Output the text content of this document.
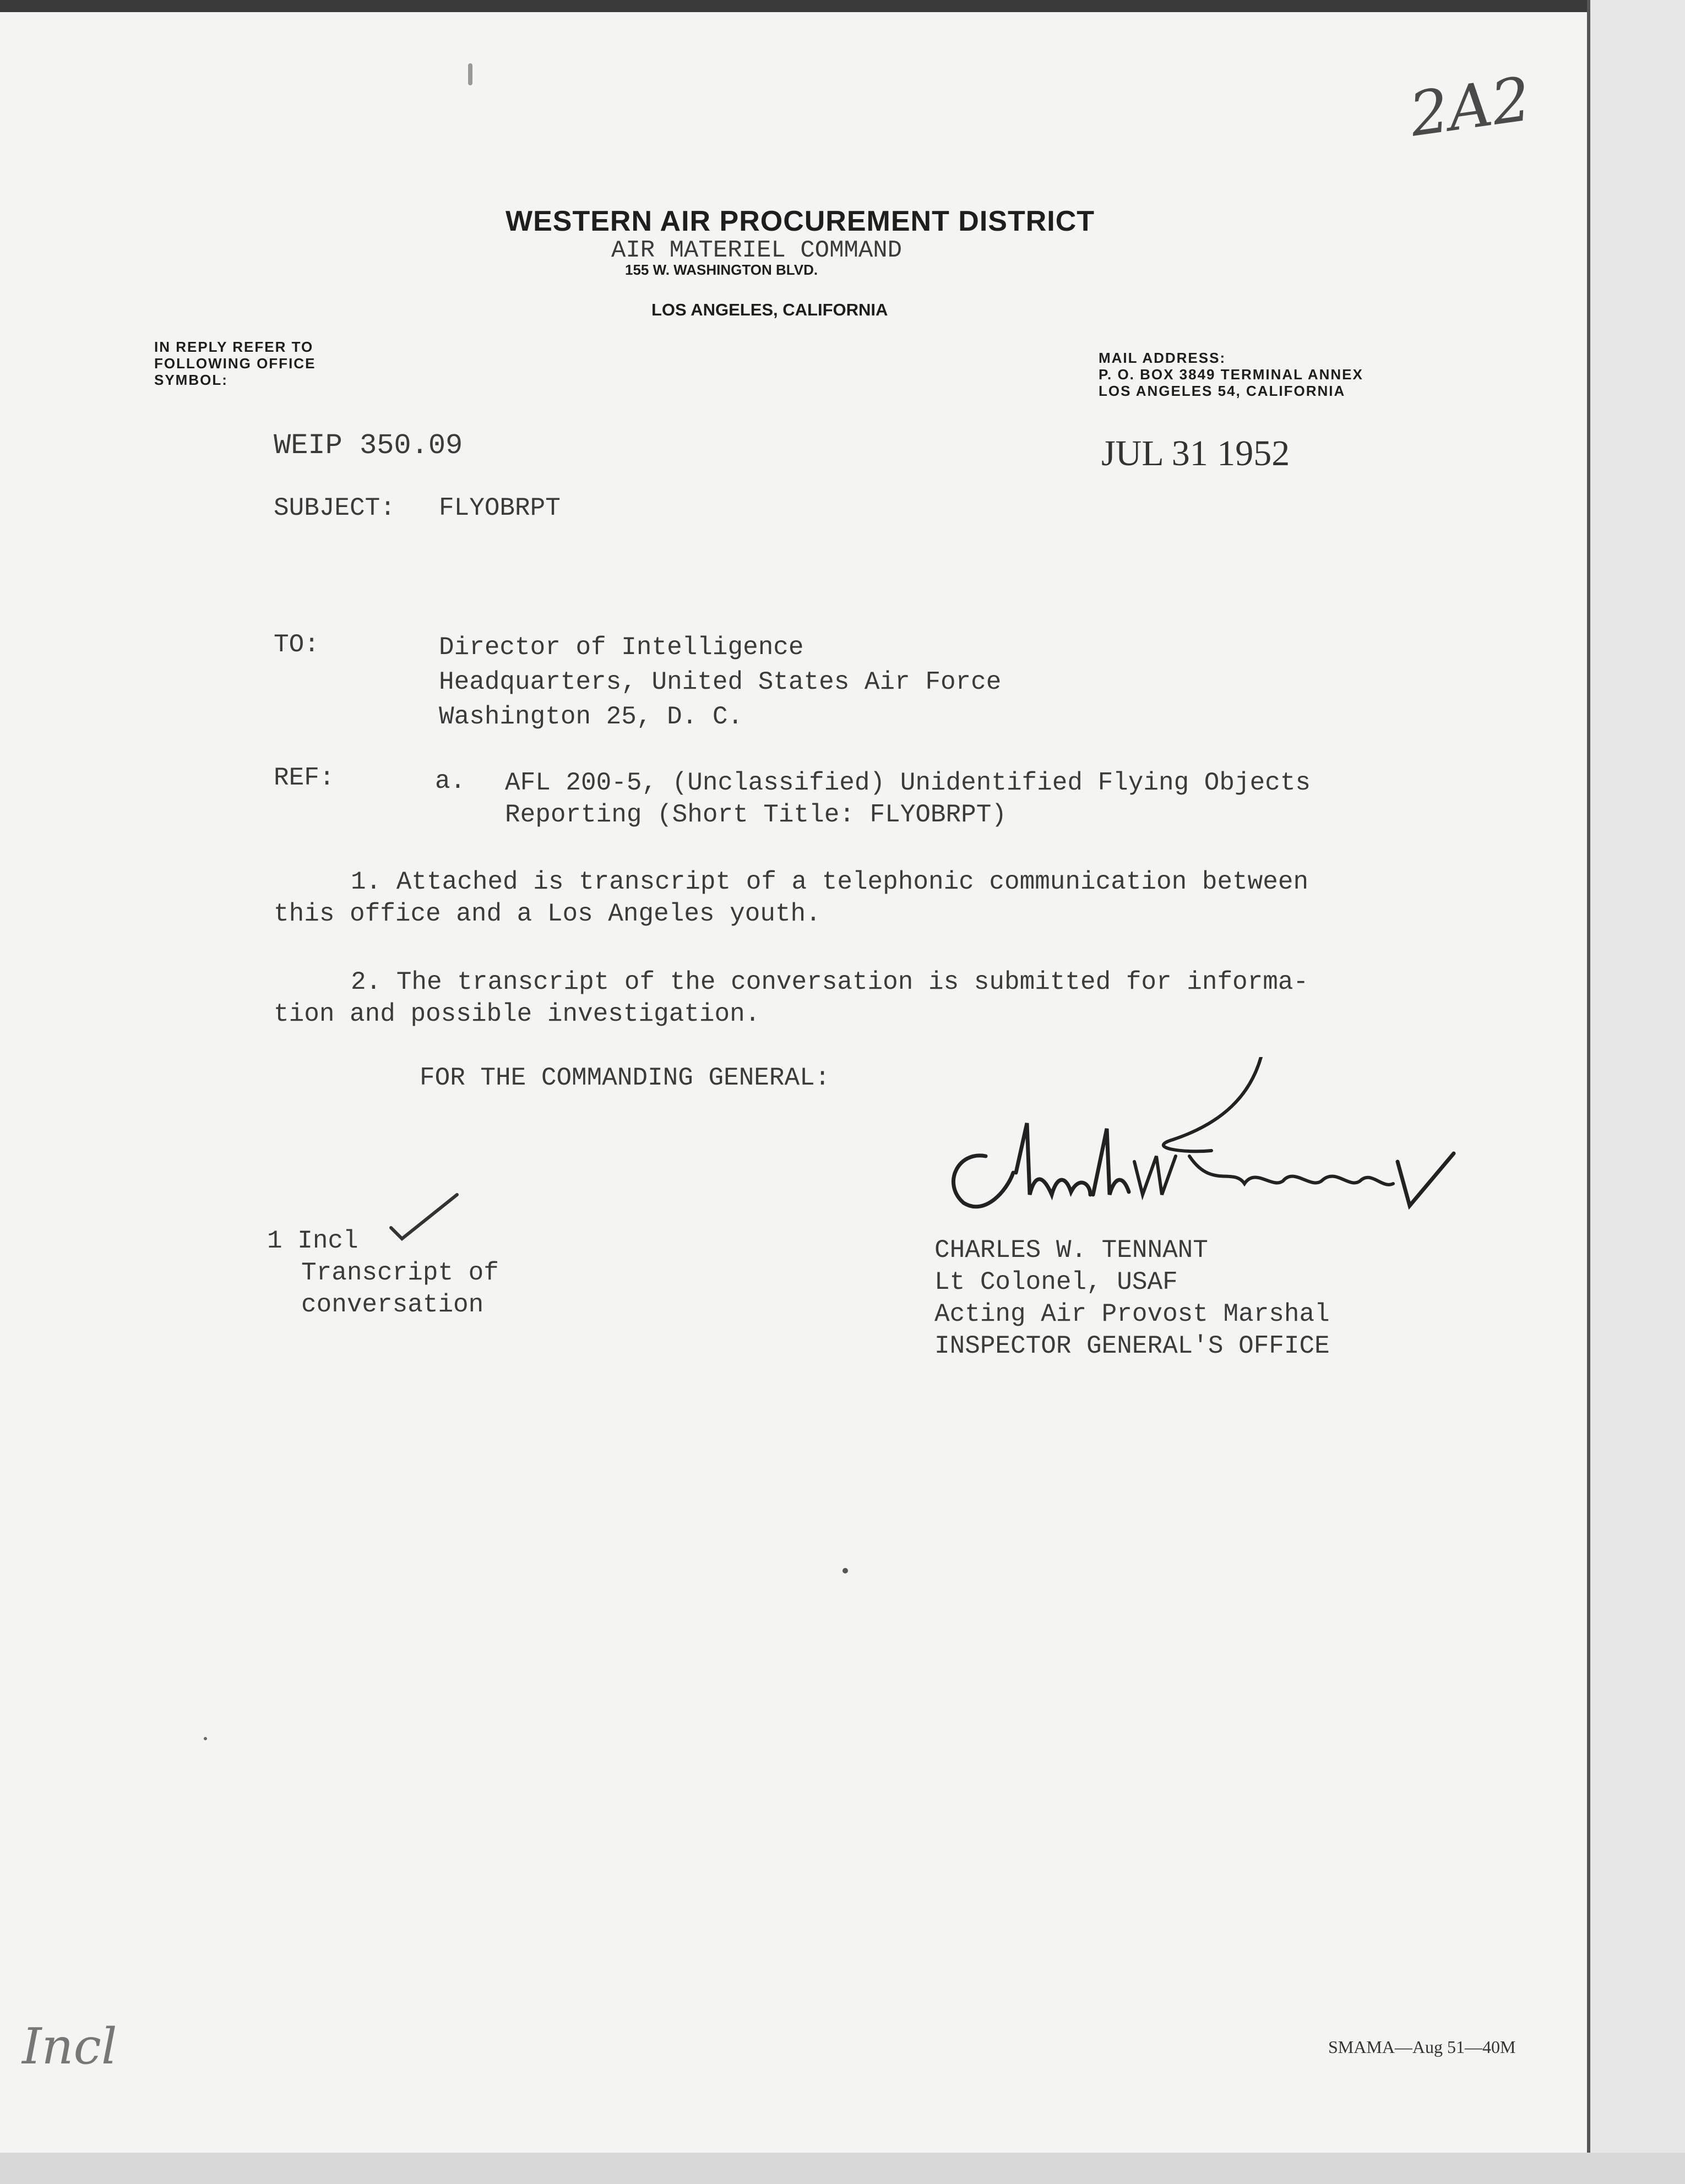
WESTERN AIR PROCUREMENT DISTRICT
AIR MATERIEL COMMAND
155 W. WASHINGTON BLVD.
LOS ANGELES, CALIFORNIA
IN REPLY REFER TO
FOLLOWING OFFICE
SYMBOL:
MAIL ADDRESS:
P. O. BOX 3849 TERMINAL ANNEX
LOS ANGELES 54, CALIFORNIA
WEIP 350.09	JUL 31 1952
SUBJECT: FLYOBRPT
TO:	Director of Intelligence
Headquarters, United States Air Force
Washington 25, D. C.
REF:	a. AFL 200-5, (Unclassified) Unidentified Flying Objects
Reporting (Short Title: FLYOBRPT)
1. Attached is transcript of a telephonic communication between
this office and a Los Angeles youth.
2. The transcript of the conversation is submitted for informa-
tion and possible investigation.
FOR THE COMMANDING GENERAL:
CHARLES W. TENNANT
Lt Colonel, USAF
Acting Air Provost Marshal
INSPECTOR GENERAL'S OFFICE
1 Incl
Transcript of
conversation
2A2
Incl	SMAMA—Aug 51—40M
